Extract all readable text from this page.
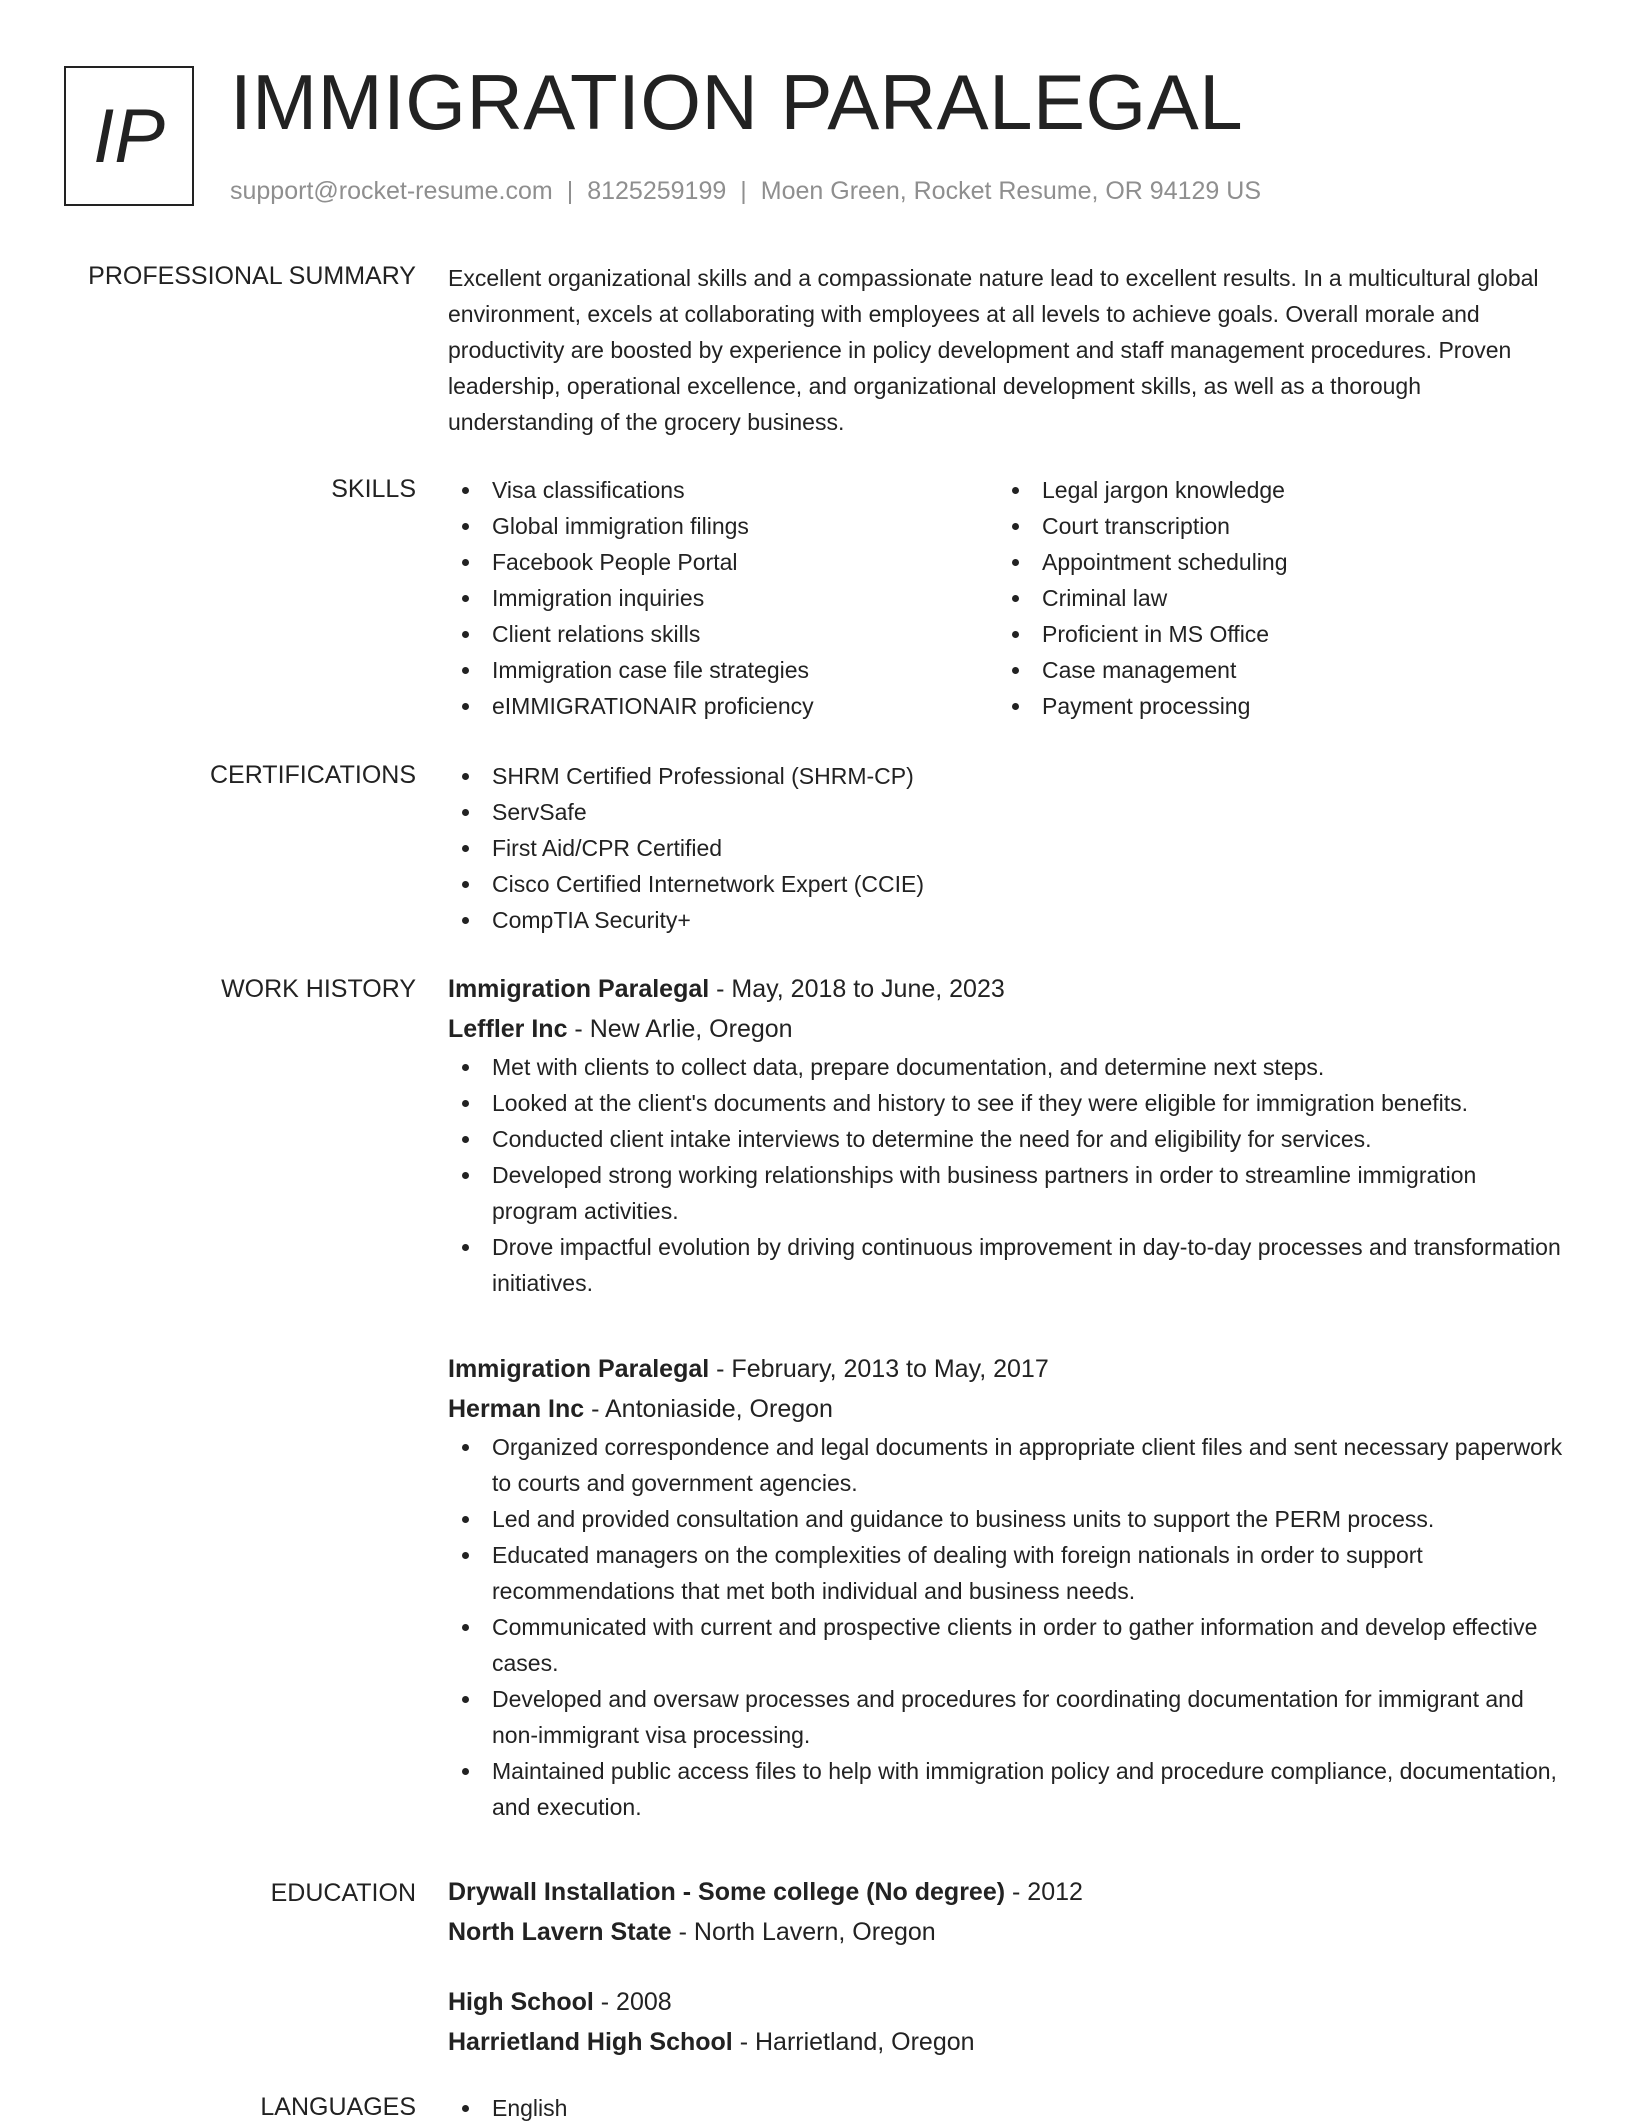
IP IMMIGRATION PARALEGAL
support@rocket-resume.com | 8125259199 | Moen Green, Rocket Resume, OR 94129 US
PROFESSIONAL SUMMARY Excellent organizational skills and a compassionate nature lead to excellent results. In a multicultural global environment, excels at collaborating with employees at all levels to achieve goals. Overall morale and productivity are boosted by experience in policy development and staff management procedures. Proven leadership, operational excellence, and organizational development skills, as well as a thorough understanding of the grocery business.
SKILLS	Visa classifications
Global immigration filings
Facebook People Portal
Immigration inquiries
Client relations skills
Immigration case file strategies
eIMMIGRATIONAIR proficiency
Legal jargon knowledge
Court transcription
Appointment scheduling
Criminal law
Proficient in MS Office
Case management
Payment processing
CERTIFICATIONS	SHRM Certified Professional (SHRM-CP)
ServSafe
First Aid/CPR Certified
Cisco Certified Internetwork Expert (CCIE)
CompTIA Security+
WORK HISTORY Immigration Paralegal - May, 2018 to June, 2023
Leffler Inc - New Arlie, Oregon
Met with clients to collect data, prepare documentation, and determine next steps.
Looked at the client's documents and history to see if they were eligible for immigration benefits.
Conducted client intake interviews to determine the need for and eligibility for services.
Developed strong working relationships with business partners in order to streamline immigration program activities.
Drove impactful evolution by driving continuous improvement in day-to-day processes and transformation initiatives.
Immigration Paralegal - February, 2013 to May, 2017
Herman Inc - Antoniaside, Oregon
Organized correspondence and legal documents in appropriate client files and sent necessary paperwork to courts and government agencies.
Led and provided consultation and guidance to business units to support the PERM process.
Educated managers on the complexities of dealing with foreign nationals in order to support recommendations that met both individual and business needs.
Communicated with current and prospective clients in order to gather information and develop effective cases.
Developed and oversaw processes and procedures for coordinating documentation for immigrant and non-immigrant visa processing.
Maintained public access files to help with immigration policy and procedure compliance, documentation, and execution.
EDUCATION Drywall Installation - Some college (No degree) - 2012
North Lavern State - North Lavern, Oregon
High School - 2008
Harrietland High School - Harrietland, Oregon
LANGUAGES	English
